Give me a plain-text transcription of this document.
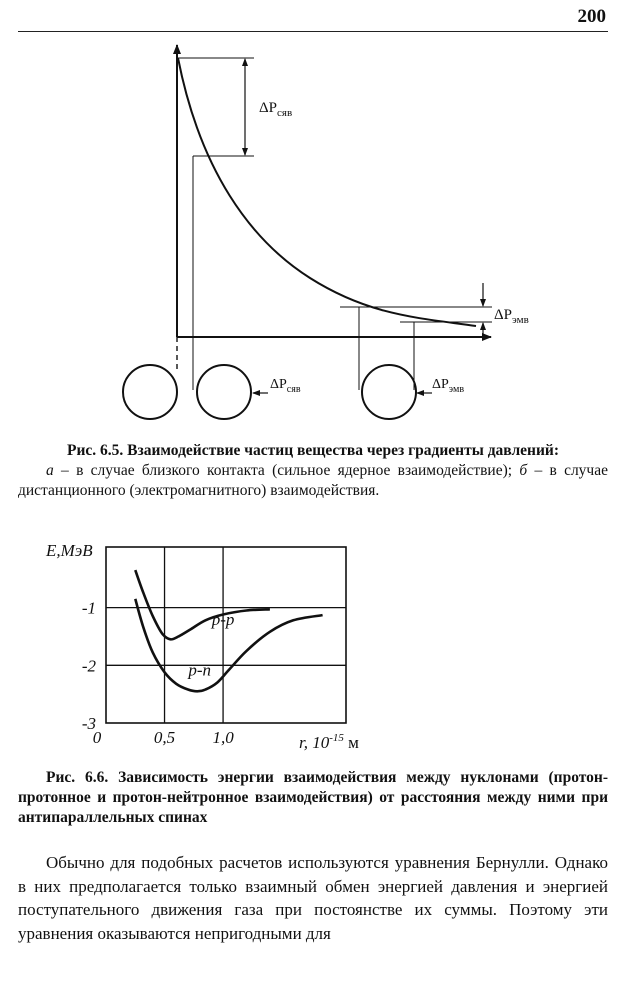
200
$\Delta P_{сяв}$
$\Delta P_{эмв}$
$\Delta P_{сяв}$	$\Delta P_{эмв}$
Рис. 6.5. Взаимодействие частиц вещества через градиенты давлений:
а – в случае близкого контакта (сильное ядерное взаимодействие); б – в случае дистанционного (электромагнитного) взаимодействия.
E,МэВ
r, $10^{-15}$ м
0	0,5 1,0
-1
-2
-3
p-p
p-n
Рис. 6.6. Зависимость энергии взаимодействия между нуклонами (протон-протонное и протон-нейтронное взаимодействия) от расстояния между ними при антипараллельных спинах
Обычно для подобных расчетов используются уравнения Бернулли. Однако в них предполагается только взаимный обмен энергией давления и энергией поступательного движения газа при постоянстве их суммы. Поэтому эти уравнения оказываются непригодными для
